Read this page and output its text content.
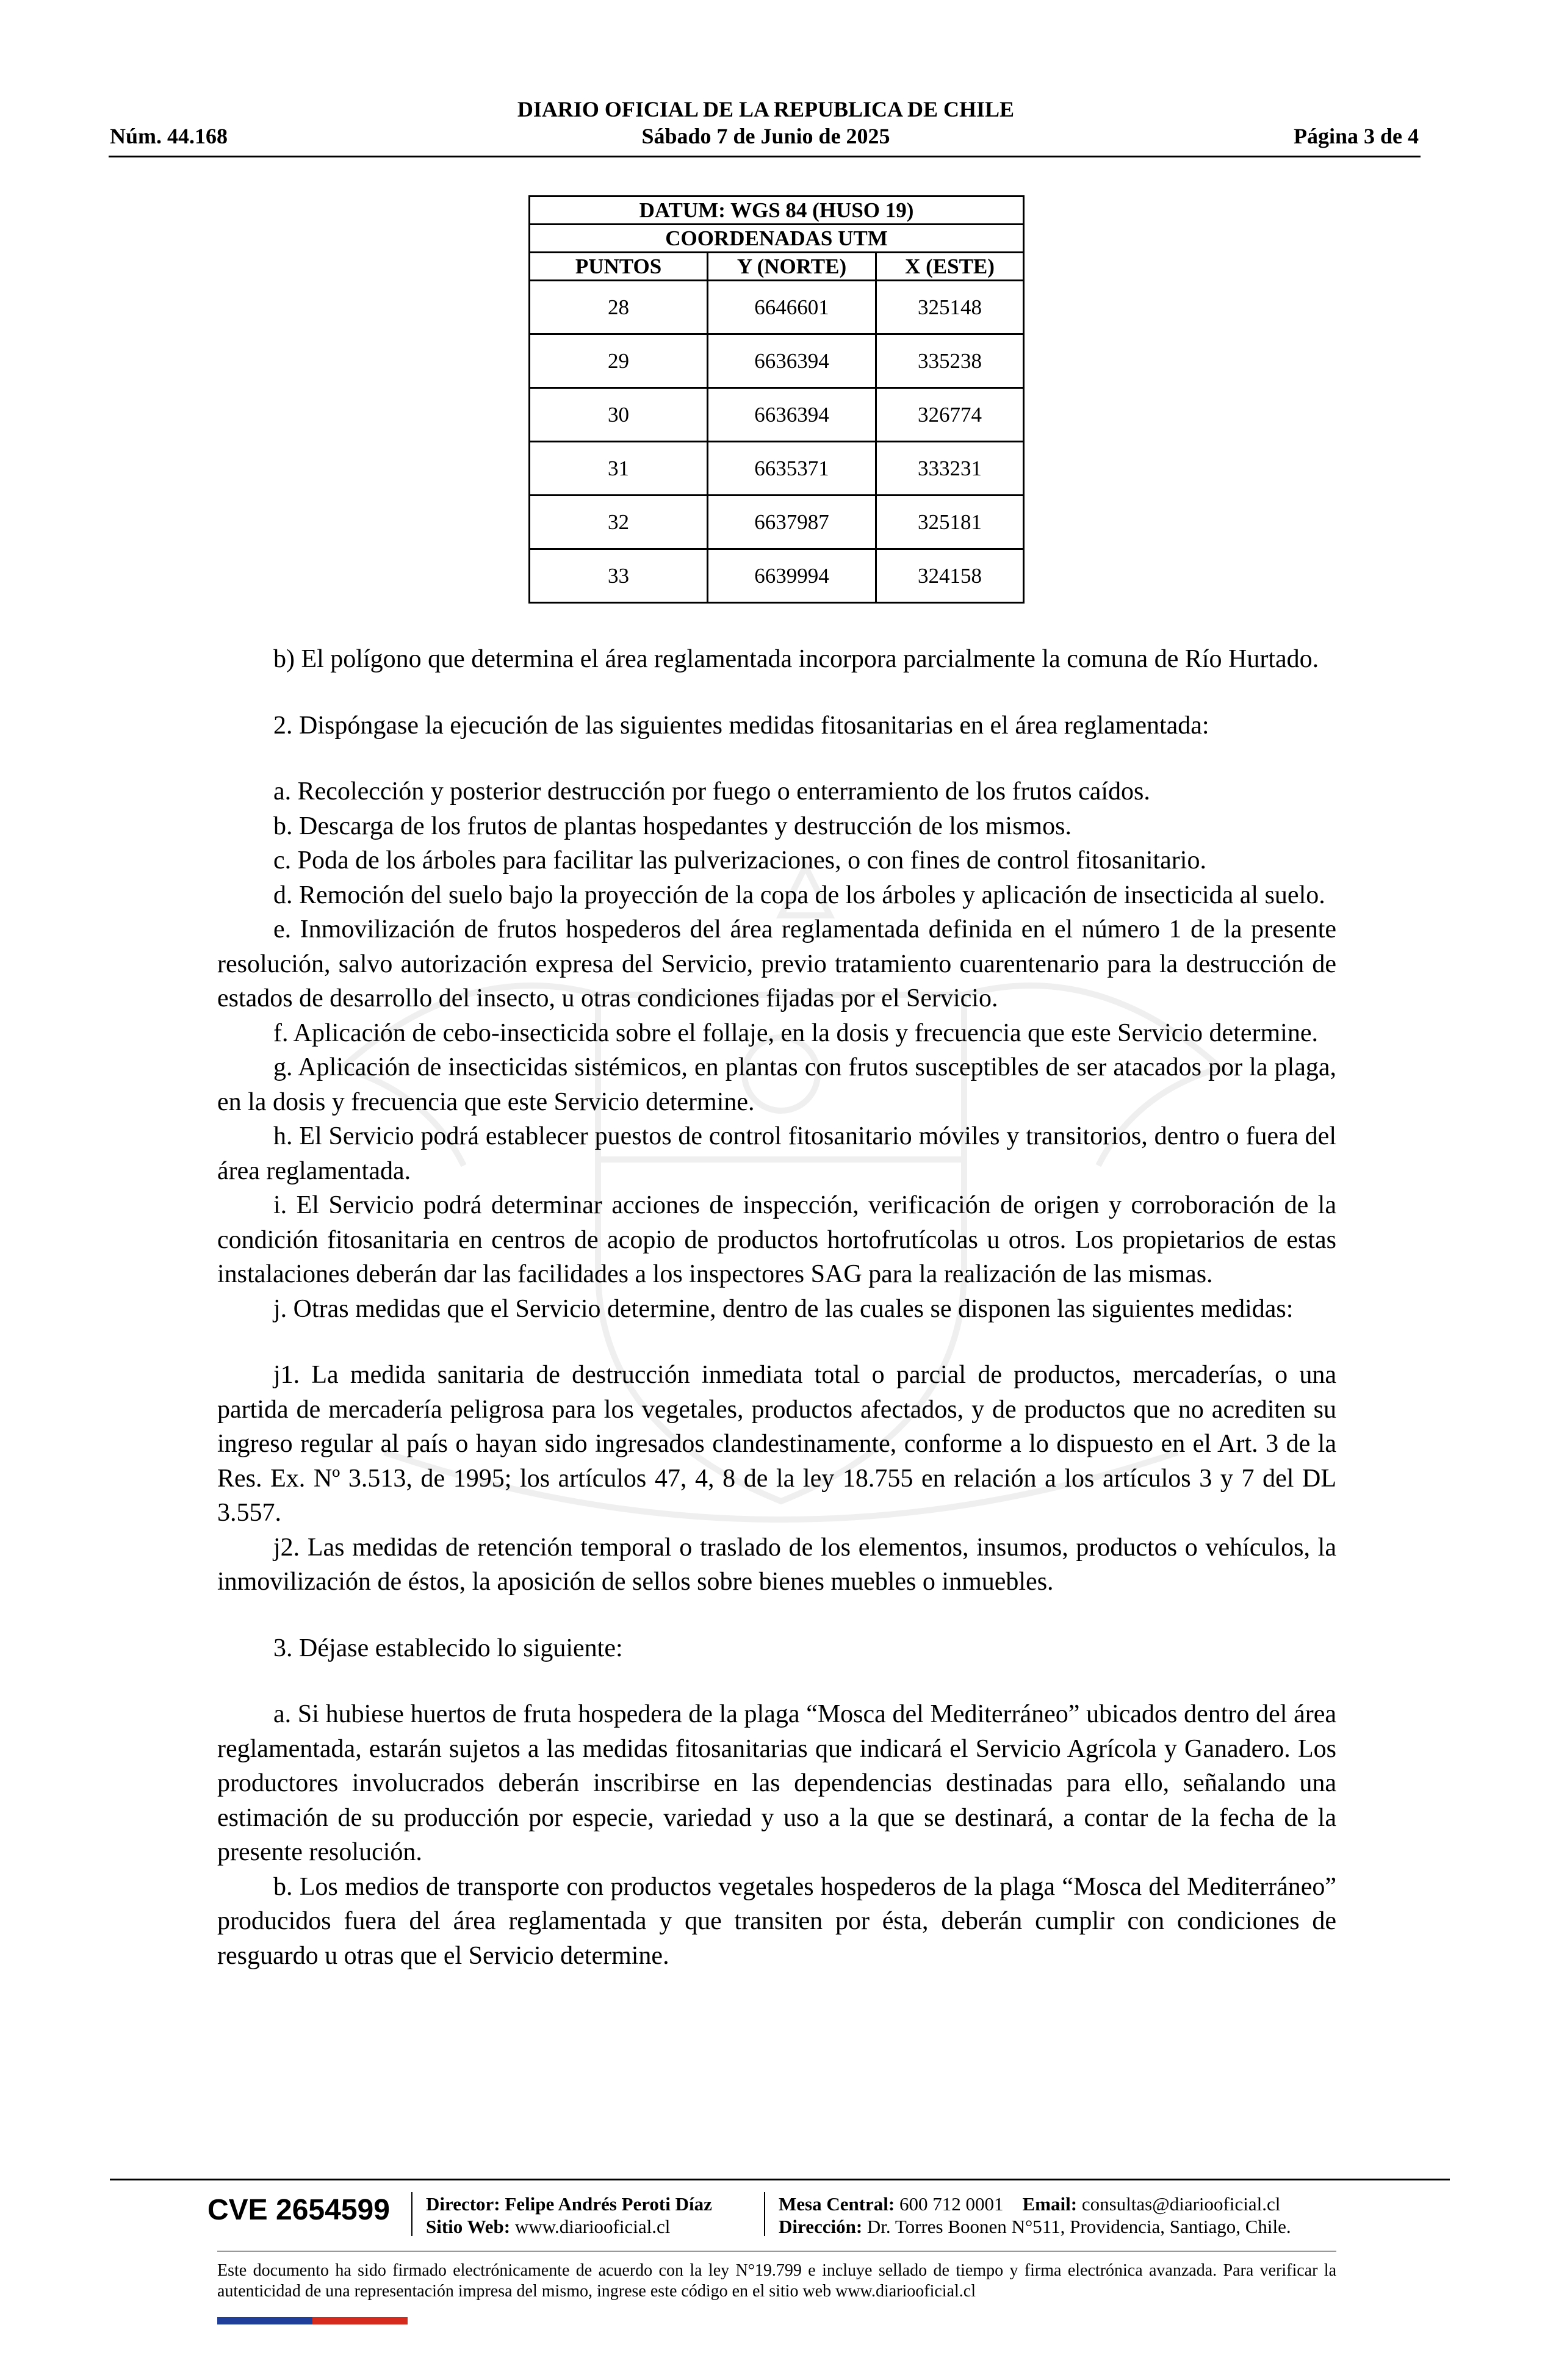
DIARIO OFICIAL DE LA REPUBLICA DE CHILE
Núm. 44.168	Sábado 7 de Junio de 2025	Página 3 de 4
DATUM: WGS 84 (HUSO 19)		
COORDENADAS UTM		
PUNTOS	Y (NORTE)	X (ESTE)
28	6646601	325148
29	6636394	335238
30	6636394	326774
31	6635371	333231
32	6637987	325181
33	6639994	324158

b) El polígono que determina el área reglamentada incorpora parcialmente la comuna de Río Hurtado.

2. Dispóngase la ejecución de las siguientes medidas fitosanitarias en el área reglamentada:

a. Recolección y posterior destrucción por fuego o enterramiento de los frutos caídos.

b. Descarga de los frutos de plantas hospedantes y destrucción de los mismos.

c. Poda de los árboles para facilitar las pulverizaciones, o con fines de control fitosanitario.

d. Remoción del suelo bajo la proyección de la copa de los árboles y aplicación de insecticida al suelo.

e. Inmovilización de frutos hospederos del área reglamentada definida en el número 1 de la presente resolución, salvo autorización expresa del Servicio, previo tratamiento cuarentenario para la destrucción de estados de desarrollo del insecto, u otras condiciones fijadas por el Servicio.

f. Aplicación de cebo-insecticida sobre el follaje, en la dosis y frecuencia que este Servicio determine.

g. Aplicación de insecticidas sistémicos, en plantas con frutos susceptibles de ser atacados por la plaga, en la dosis y frecuencia que este Servicio determine.

h. El Servicio podrá establecer puestos de control fitosanitario móviles y transitorios, dentro o fuera del área reglamentada.

i. El Servicio podrá determinar acciones de inspección, verificación de origen y corroboración de la condición fitosanitaria en centros de acopio de productos hortofrutícolas u otros. Los propietarios de estas instalaciones deberán dar las facilidades a los inspectores SAG para la realización de las mismas.

j. Otras medidas que el Servicio determine, dentro de las cuales se disponen las siguientes medidas:

j1. La medida sanitaria de destrucción inmediata total o parcial de productos, mercaderías, o una partida de mercadería peligrosa para los vegetales, productos afectados, y de productos que no acrediten su ingreso regular al país o hayan sido ingresados clandestinamente, conforme a lo dispuesto en el Art. 3 de la Res. Ex. Nº 3.513, de 1995; los artículos 47, 4, 8 de la ley 18.755 en relación a los artículos 3 y 7 del DL 3.557.

j2. Las medidas de retención temporal o traslado de los elementos, insumos, productos o vehículos, la inmovilización de éstos, la aposición de sellos sobre bienes muebles o inmuebles.

3. Déjase establecido lo siguiente:

a. Si hubiese huertos de fruta hospedera de la plaga “Mosca del Mediterráneo” ubicados dentro del área reglamentada, estarán sujetos a las medidas fitosanitarias que indicará el Servicio Agrícola y Ganadero. Los productores involucrados deberán inscribirse en las dependencias destinadas para ello, señalando una estimación de su producción por especie, variedad y uso a la que se destinará, a contar de la fecha de la presente resolución.

b. Los medios de transporte con productos vegetales hospederos de la plaga “Mosca del Mediterráneo” producidos fuera del área reglamentada y que transiten por ésta, deberán cumplir con condiciones de resguardo u otras que el Servicio determine.

CVE 2654599 Director: Felipe Andrés Peroti Díaz
Sitio Web: www.diariooficial.cl
Mesa Central: 600 712 0001 Email: consultas@diariooficial.cl
Dirección: Dr. Torres Boonen N°511, Providencia, Santiago, Chile.
Este documento ha sido firmado electrónicamente de acuerdo con la ley N°19.799 e incluye sellado de tiempo y firma electrónica avanzada. Para verificar la autenticidad de una representación impresa del mismo, ingrese este código en el sitio web www.diariooficial.cl
